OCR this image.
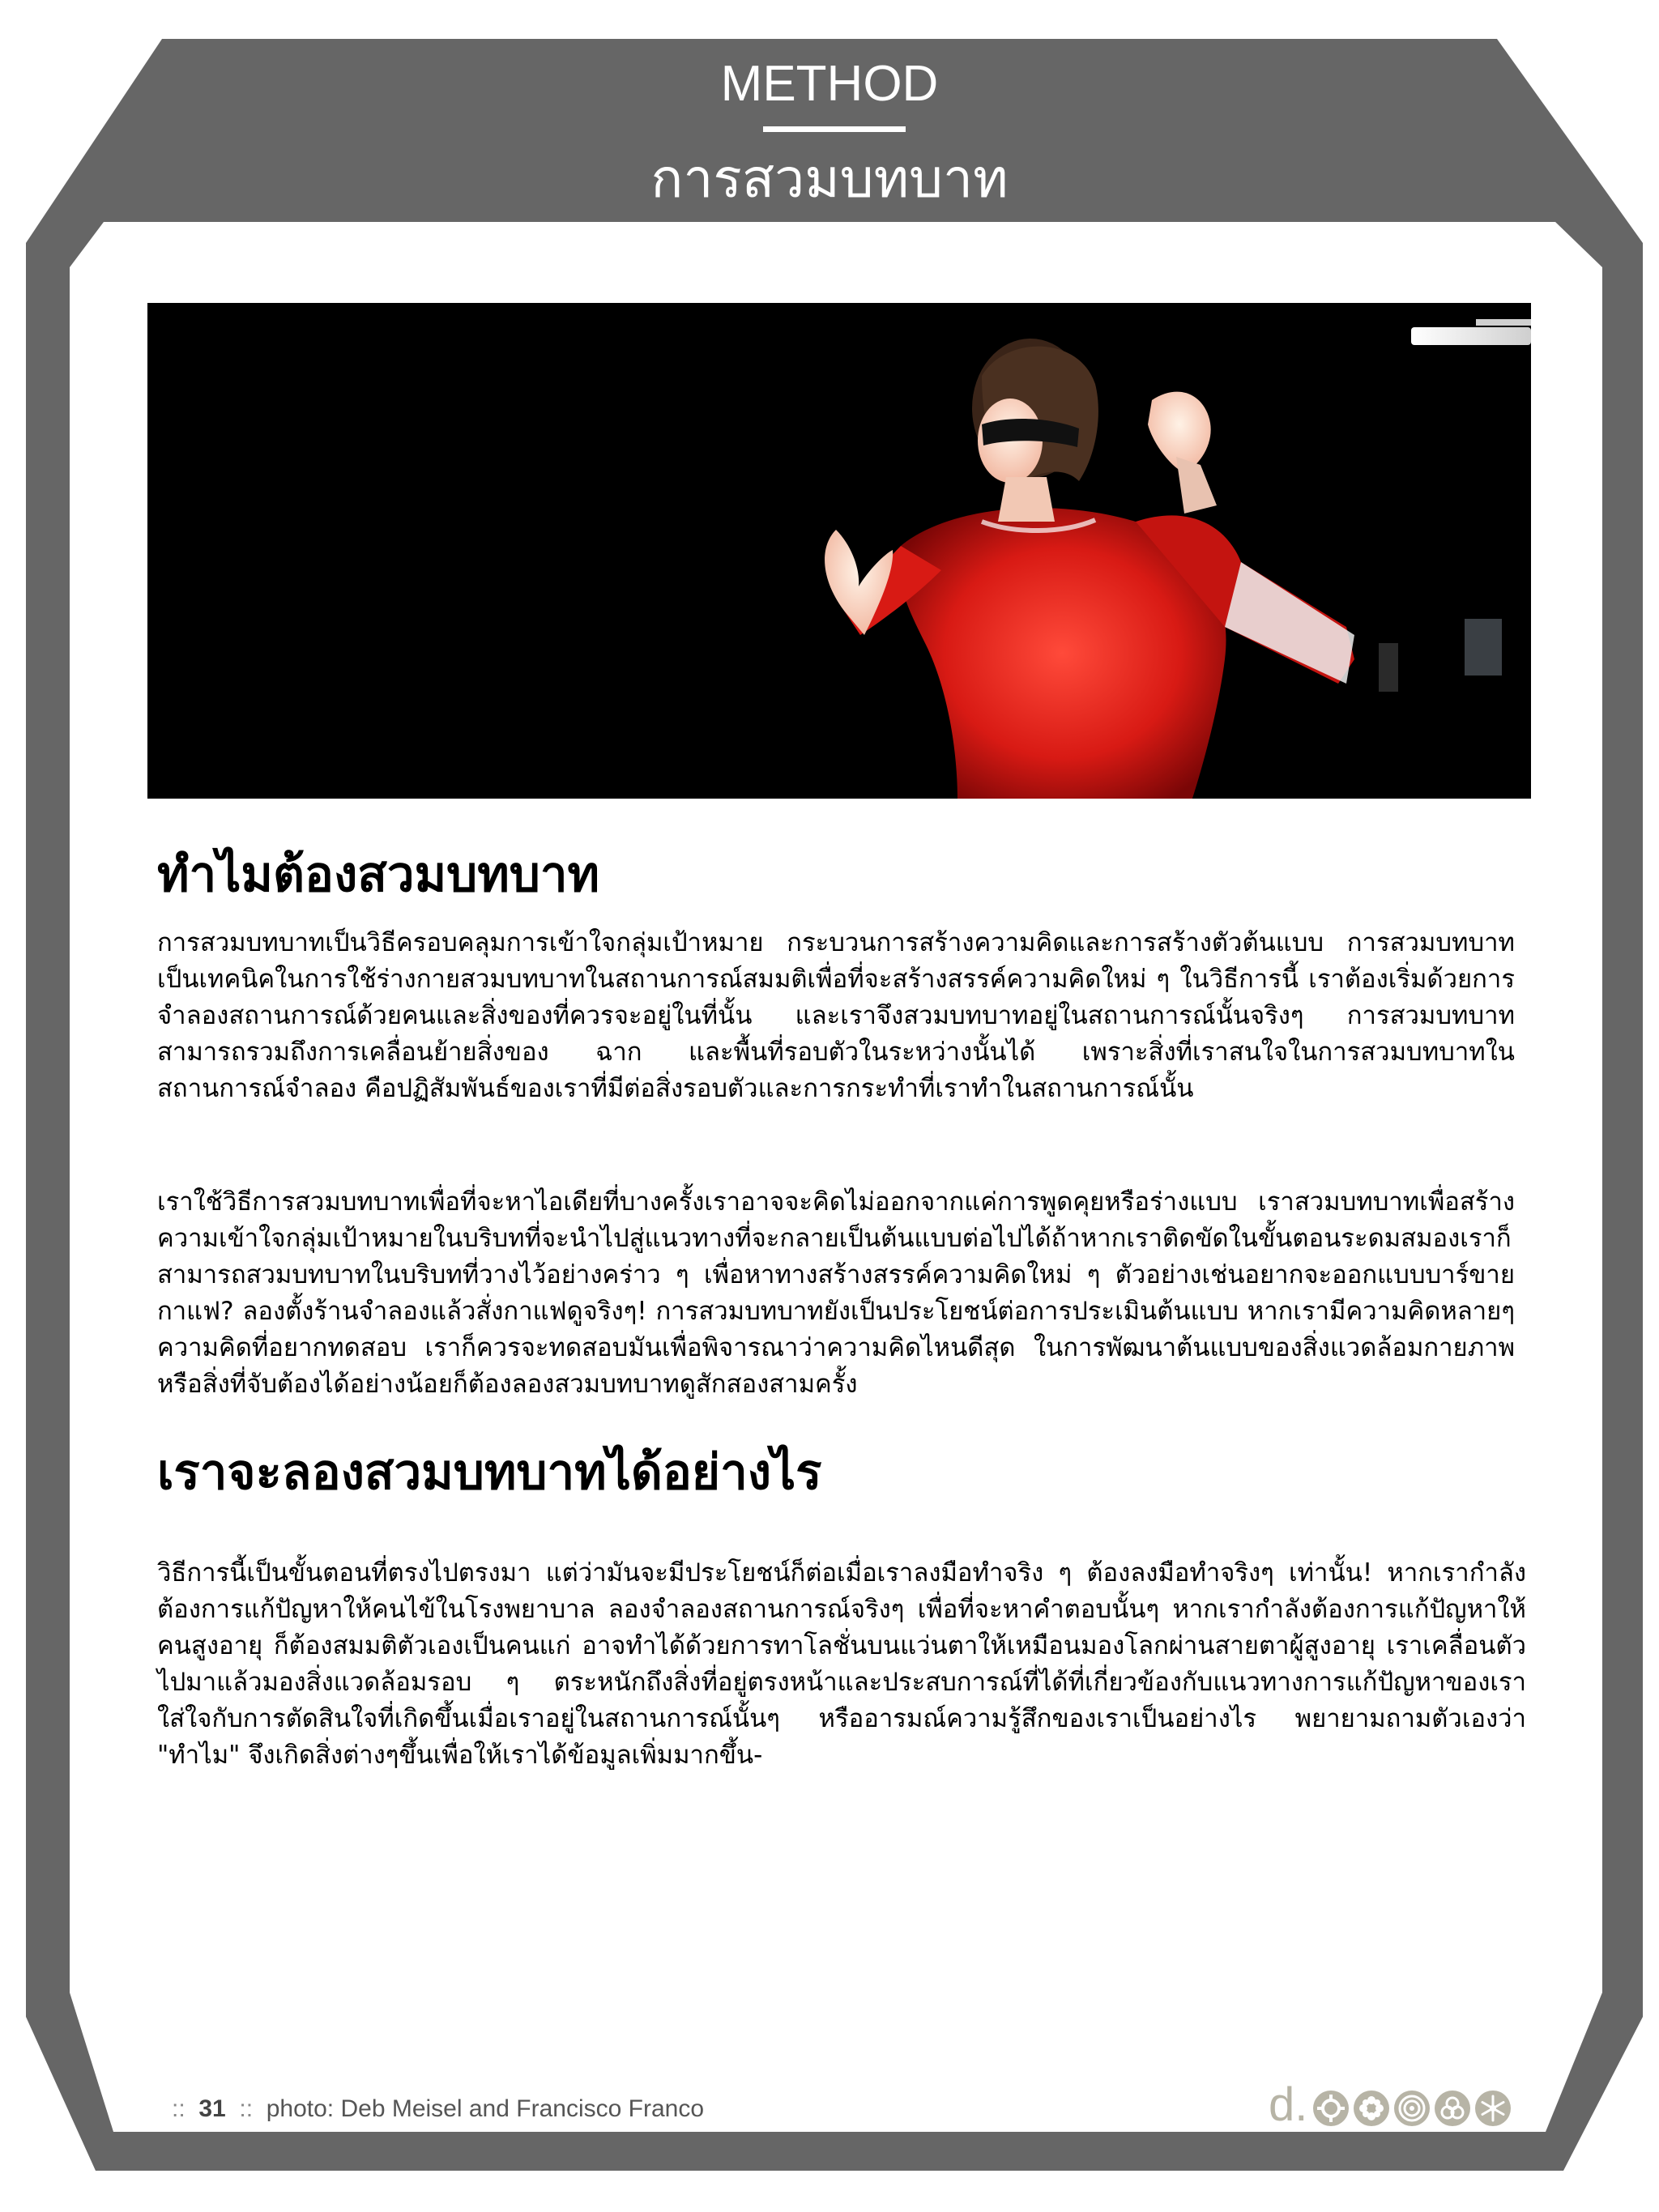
METHOD
การสวมบทบาท
ทำไมต้องสวมบทบาท

การสวมบทบาทเป็นวิธีครอบคลุมการเข้าใจกลุ่มเป้าหมาย กระบวนการสร้างความคิดและการสร้างตัวต้นแบบ การสวมบทบาทเป็นเทคนิคในการใช้ร่างกายสวมบทบาทในสถานการณ์สมมติเพื่อที่จะสร้างสรรค์ความคิดใหม่ ๆ ในวิธีการนี้ เราต้องเริ่มด้วยการจำลองสถานการณ์ด้วยคนและสิ่งของที่ควรจะอยู่ในที่นั้น และเราจึงสวมบทบาทอยู่ในสถานการณ์นั้นจริงๆ การสวมบทบาทสามารถรวมถึงการเคลื่อนย้ายสิ่งของ ฉาก และพื้นที่รอบตัวในระหว่างนั้นได้ เพราะสิ่งที่เราสนใจในการสวมบทบาทในสถานการณ์จำลอง คือปฏิสัมพันธ์ของเราที่มีต่อสิ่งรอบตัวและการกระทำที่เราทำในสถานการณ์นั้น

เราใช้วิธีการสวมบทบาทเพื่อที่จะหาไอเดียที่บางครั้งเราอาจจะคิดไม่ออกจากแค่การพูดคุยหรือร่างแบบ เราสวมบทบาทเพื่อสร้างความเข้าใจกลุ่มเป้าหมายในบริบทที่จะนำไปสู่แนวทางที่จะกลายเป็นต้นแบบต่อไปได้ถ้าหากเราติดขัดในขั้นตอนระดมสมองเราก็สามารถสวมบทบาทในบริบทที่วางไว้อย่างคร่าว ๆ เพื่อหาทางสร้างสรรค์ความคิดใหม่ ๆ ตัวอย่างเช่นอยากจะออกแบบบาร์ขายกาแฟ? ลองตั้งร้านจำลองแล้วสั่งกาแฟดูจริงๆ! การสวมบทบาทยังเป็นประโยชน์ต่อการประเมินต้นแบบ หากเรามีความคิดหลายๆ ความคิดที่อยากทดสอบ เราก็ควรจะทดสอบมันเพื่อพิจารณาว่าความคิดไหนดีสุด ในการพัฒนาต้นแบบของสิ่งแวดล้อมกายภาพหรือสิ่งที่จับต้องได้อย่างน้อยก็ต้องลองสวมบทบาทดูสักสองสามครั้ง

เราจะลองสวมบทบาทได้อย่างไร

วิธีการนี้เป็นขั้นตอนที่ตรงไปตรงมา แต่ว่ามันจะมีประโยชน์ก็ต่อเมื่อเราลงมือทำจริง ๆ ต้องลงมือทำจริงๆ เท่านั้น! หากเรากำลังต้องการแก้ปัญหาให้คนไข้ในโรงพยาบาล ลองจำลองสถานการณ์จริงๆ เพื่อที่จะหาคำตอบนั้นๆ หากเรากำลังต้องการแก้ปัญหาให้คนสูงอายุ ก็ต้องสมมติตัวเองเป็นคนแก่ อาจทำได้ด้วยการทาโลชั่นบนแว่นตาให้เหมือนมองโลกผ่านสายตาผู้สูงอายุ เราเคลื่อนตัวไปมาแล้วมองสิ่งแวดล้อมรอบ ๆ ตระหนักถึงสิ่งที่อยู่ตรงหน้าและประสบการณ์ที่ได้ที่เกี่ยวข้องกับแนวทางการแก้ปัญหาของเรา ใส่ใจกับการตัดสินใจที่เกิดขึ้นเมื่อเราอยู่ในสถานการณ์นั้นๆ หรืออารมณ์ความรู้สึกของเราเป็นอย่างไร พยายามถามตัวเองว่า "ทำไม" จึงเกิดสิ่งต่างๆขึ้นเพื่อให้เราได้ข้อมูลเพิ่มมากขึ้น-

:: 31 :: photo: Deb Meisel and Francisco Franco	d.
